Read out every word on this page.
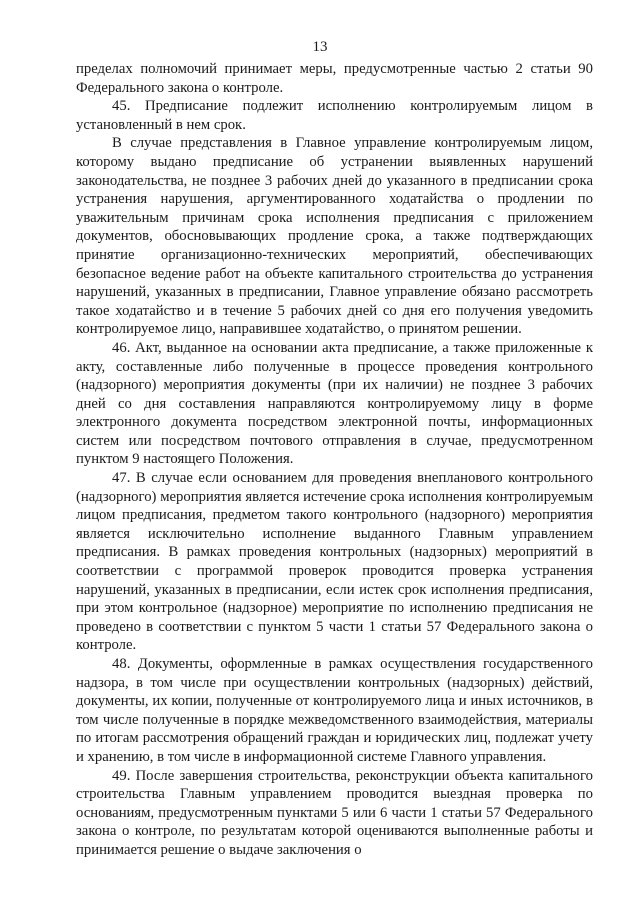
13

пределах полномочий принимает меры, предусмотренные частью 2 статьи 90 Федерального закона о контроле.

45. Предписание подлежит исполнению контролируемым лицом в установленный в нем срок.

В случае представления в Главное управление контролируемым лицом, которому выдано предписание об устранении выявленных нарушений законодательства, не позднее 3 рабочих дней до указанного в предписании срока устранения нарушения, аргументированного ходатайства о продлении по уважительным причинам срока исполнения предписания с приложением документов, обосновывающих продление срока, а также подтверждающих принятие организационно-технических мероприятий, обеспечивающих безопасное ведение работ на объекте капитального строительства до устранения нарушений, указанных в предписании, Главное управление обязано рассмотреть такое ходатайство и в течение 5 рабочих дней со дня его получения уведомить контролируемое лицо, направившее ходатайство, о принятом решении.

46. Акт, выданное на основании акта предписание, а также приложенные к акту, составленные либо полученные в процессе проведения контрольного (надзорного) мероприятия документы (при их наличии) не позднее 3 рабочих дней со дня составления направляются контролируемому лицу в форме электронного документа посредством электронной почты, информационных систем или посредством почтового отправления в случае, предусмотренном пунктом 9 настоящего Положения.

47. В случае если основанием для проведения внепланового контрольного (надзорного) мероприятия является истечение срока исполнения контролируемым лицом предписания, предметом такого контрольного (надзорного) мероприятия является исключительно исполнение выданного Главным управлением предписания. В рамках проведения контрольных (надзорных) мероприятий в соответствии с программой проверок проводится проверка устранения нарушений, указанных в предписании, если истек срок исполнения предписания, при этом контрольное (надзорное) мероприятие по исполнению предписания не проведено в соответствии с пунктом 5 части 1 статьи 57 Федерального закона о контроле.

48. Документы, оформленные в рамках осуществления государственного надзора, в том числе при осуществлении контрольных (надзорных) действий, документы, их копии, полученные от контролируемого лица и иных источников, в том числе полученные в порядке межведомственного взаимодействия, материалы по итогам рассмотрения обращений граждан и юридических лиц, подлежат учету и хранению, в том числе в информационной системе Главного управления.

49. После завершения строительства, реконструкции объекта капитального строительства Главным управлением проводится выездная проверка по основаниям, предусмотренным пунктами 5 или 6 части 1 статьи 57 Федерального закона о контроле, по результатам которой оцениваются выполненные работы и принимается решение о выдаче заключения о
